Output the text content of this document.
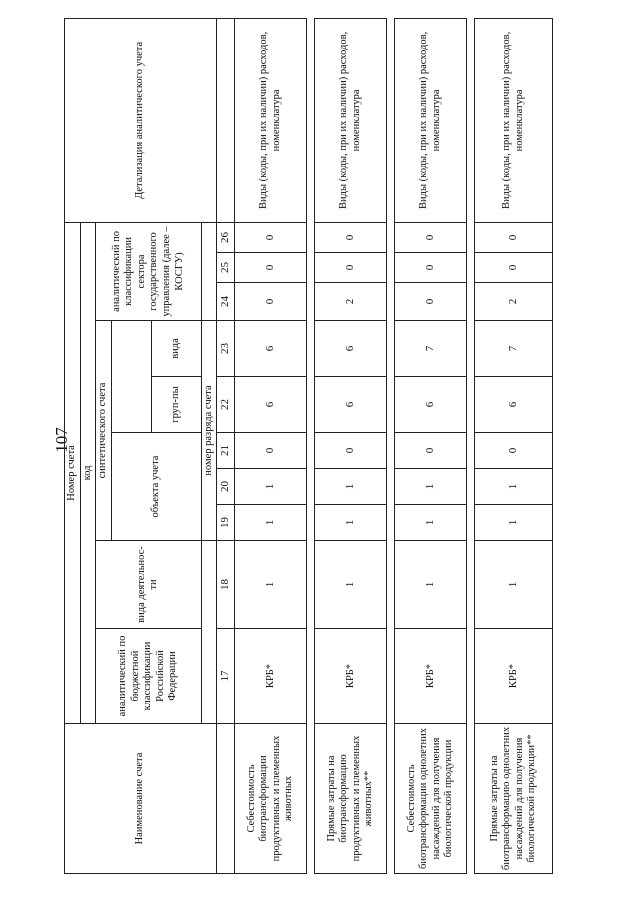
107
Наименование счета	Номер счета										Детализация аналитического учета
	код										
	аналитический по бюджетной классификации Российской Федерации	вида деятельнос-ти	синтетического счета					аналитический по классификации сектора государственного управления (далее – КОСГУ)			
			объекта учета								
						груп-пы	вида				
			номер разряда счета								
	17	18	19	20	21	22	23	24	25	26	
Себестоимость биотрансформации продуктивных и племенных животных	КРБ*	1	1	1	0	6	6	0	0	0	Виды (коды, при их наличии) расходов, номенклатура

Прямые затраты на биотрансформацию продуктивных и племенных животных**	КРБ*	1	1	1	0	6	6	2	0	0	Виды (коды, при их наличии) расходов, номенклатура

Себестоимость биотрансформации однолетних насаждений для получения биологической продукции	КРБ*	1	1	1	0	6	7	0	0	0	Виды (коды, при их наличии) расходов, номенклатура

Прямые затраты на биотрансформацию однолетних насаждений для получения биологической продукции**	КРБ*	1	1	1	0	6	7	2	0	0	Виды (коды, при их наличии) расходов, номенклатура
